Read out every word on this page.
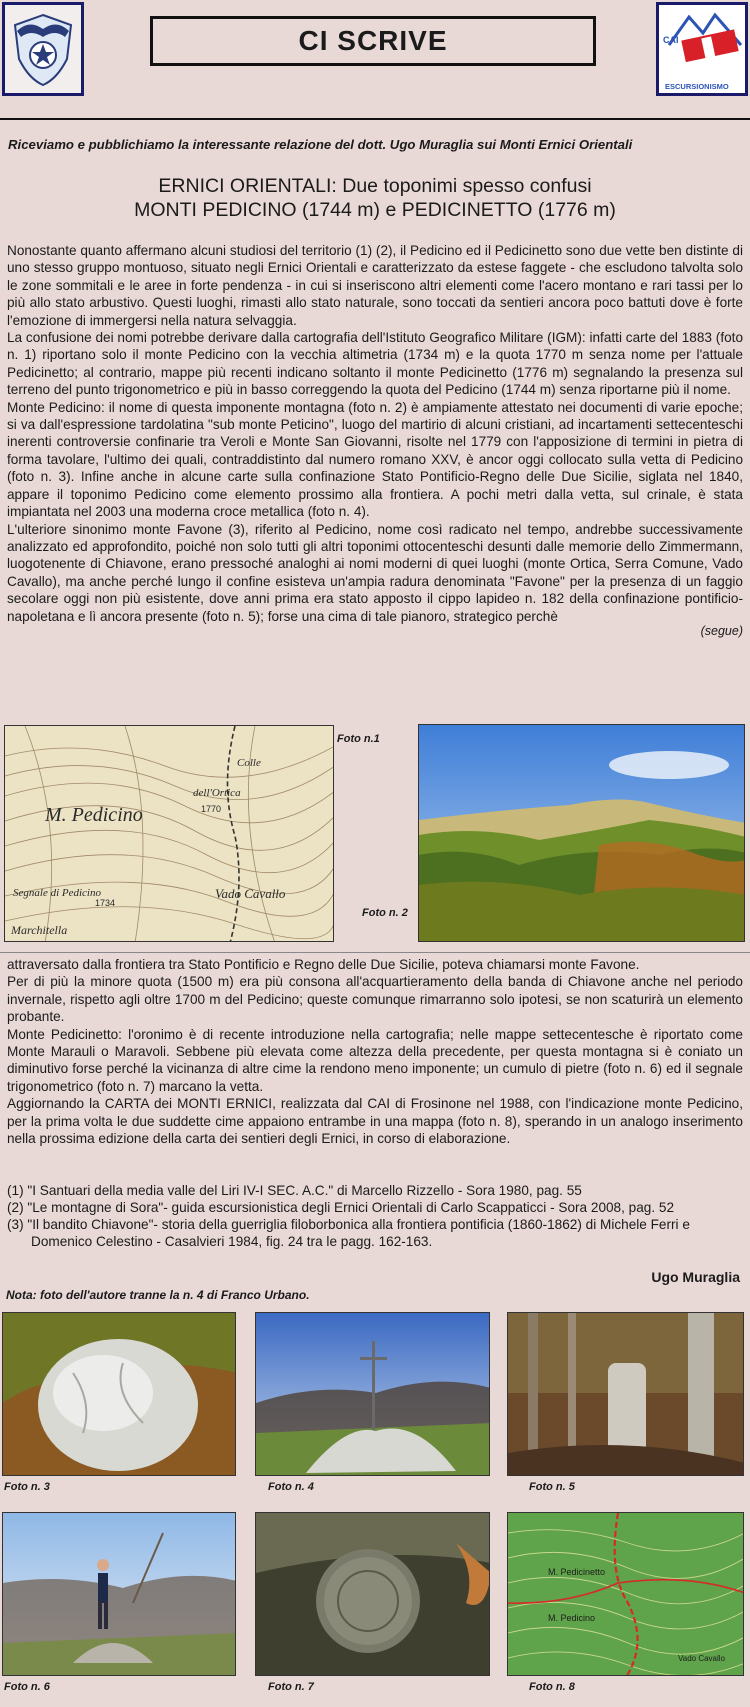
CI SCRIVE	CAI
ESCURSIONISMO
Riceviamo e pubblichiamo la interessante relazione del dott. Ugo Muraglia sui Monti Ernici Orientali
ERNICI ORIENTALI: Due toponimi spesso confusi
MONTI PEDICINO (1744 m) e PEDICINETTO (1776 m)

Nonostante quanto affermano alcuni studiosi del territorio (1) (2), il Pedicino ed il Pedicinetto sono due vette ben distinte di uno stesso gruppo montuoso, situato negli Ernici Orientali e caratterizzato da estese faggete - che escludono talvolta solo le zone sommitali e le aree in forte pendenza - in cui si inseriscono altri elementi come l'acero montano e rari tassi per lo più allo stato arbustivo. Questi luoghi, rimasti allo stato naturale, sono toccati da sentieri ancora poco battuti dove è forte l'emozione di immergersi nella natura selvaggia.

La confusione dei nomi potrebbe derivare dalla cartografia dell'Istituto Geografico Militare (IGM): infatti carte del 1883 (foto n. 1) riportano solo il monte Pedicino con la vecchia altimetria (1734 m) e la quota 1770 m senza nome per l'attuale Pedicinetto; al contrario, mappe più recenti indicano soltanto il monte Pedicinetto (1776 m) segnalando la presenza sul terreno del punto trigonometrico e più in basso correggendo la quota del Pedicino (1744 m) senza riportarne più il nome.

Monte Pedicino: il nome di questa imponente montagna (foto n. 2) è ampiamente attestato nei documenti di varie epoche; si va dall'espressione tardolatina "sub monte Peticino", luogo del martirio di alcuni cristiani, ad incartamenti settecenteschi inerenti controversie confinarie tra Veroli e Monte San Giovanni, risolte nel 1779 con l'apposizione di termini in pietra di forma tavolare, l'ultimo dei quali, contraddistinto dal numero romano XXV, è ancor oggi collocato sulla vetta di Pedicino (foto n. 3). Infine anche in alcune carte sulla confinazione Stato Pontificio-Regno delle Due Sicilie, siglata nel 1840, appare il toponimo Pedicino come elemento prossimo alla frontiera. A pochi metri dalla vetta, sul crinale, è stata impiantata nel 2003 una moderna croce metallica (foto n. 4).

L'ulteriore sinonimo monte Favone (3), riferito al Pedicino, nome così radicato nel tempo, andrebbe successivamente analizzato ed approfondito, poiché non solo tutti gli altri toponimi ottocenteschi desunti dalle memorie dello Zimmermann, luogotenente di Chiavone, erano pressoché analoghi ai nomi moderni di quei luoghi (monte Ortica, Serra Comune, Vado Cavallo), ma anche perché lungo il confine esisteva un'ampia radura denominata "Favone" per la presenza di un faggio secolare oggi non più esistente, dove anni prima era stato apposto il cippo lapideo n. 182 della confinazione pontificio-napoletana e lì ancora presente (foto n. 5); forse una cima di tale pianoro, strategico perchè

(segue)
M. Pedicino
Segnale di Pedicino	Vado Cavallo
Colle
dell'Ortica
Marchitella
1734
1770
Foto n.1
Foto n. 2

attraversato dalla frontiera tra Stato Pontificio e Regno delle Due Sicilie, poteva chiamarsi monte Favone.

Per di più la minore quota (1500 m) era più consona all'acquartieramento della banda di Chiavone anche nel periodo invernale, rispetto agli oltre 1700 m del Pedicino; queste comunque rimarranno solo ipotesi, se non scaturirà un elemento probante.

Monte Pedicinetto: l'oronimo è di recente introduzione nella cartografia; nelle mappe settecentesche è riportato come Monte Marauli o Maravoli. Sebbene più elevata come altezza della precedente, per questa montagna si è coniato un diminutivo forse perché la vicinanza di altre cime la rendono meno imponente; un cumulo di pietre (foto n. 6) ed il segnale trigonometrico (foto n. 7) marcano la vetta.

Aggiornando la CARTA dei MONTI ERNICI, realizzata dal CAI di Frosinone nel 1988, con l'indicazione monte Pedicino, per la prima volta le due suddette cime appaiono entrambe in una mappa (foto n. 8), sperando in un analogo inserimento nella prossima edizione della carta dei sentieri degli Ernici, in corso di elaborazione.

(1) "I Santuari della media valle del Liri IV-I SEC. A.C." di Marcello Rizzello - Sora 1980, pag. 55

(2) "Le montagne di Sora"- guida escursionistica degli Ernici Orientali di Carlo Scappaticci - Sora 2008, pag. 52

(3) "Il bandito Chiavone"- storia della guerriglia filoborbonica alla frontiera pontificia (1860-1862) di Michele Ferri e Domenico Celestino - Casalvieri 1984, fig. 24 tra le pagg. 162-163.

Ugo Muraglia
Nota: foto dell'autore tranne la n. 4 di Franco Urbano.
Foto n. 3	Foto n. 4	Foto n. 5
M. Pedicinetto
M. Pedicino
Vado Cavallo
Foto n. 6	Foto n. 7	Foto n. 8
